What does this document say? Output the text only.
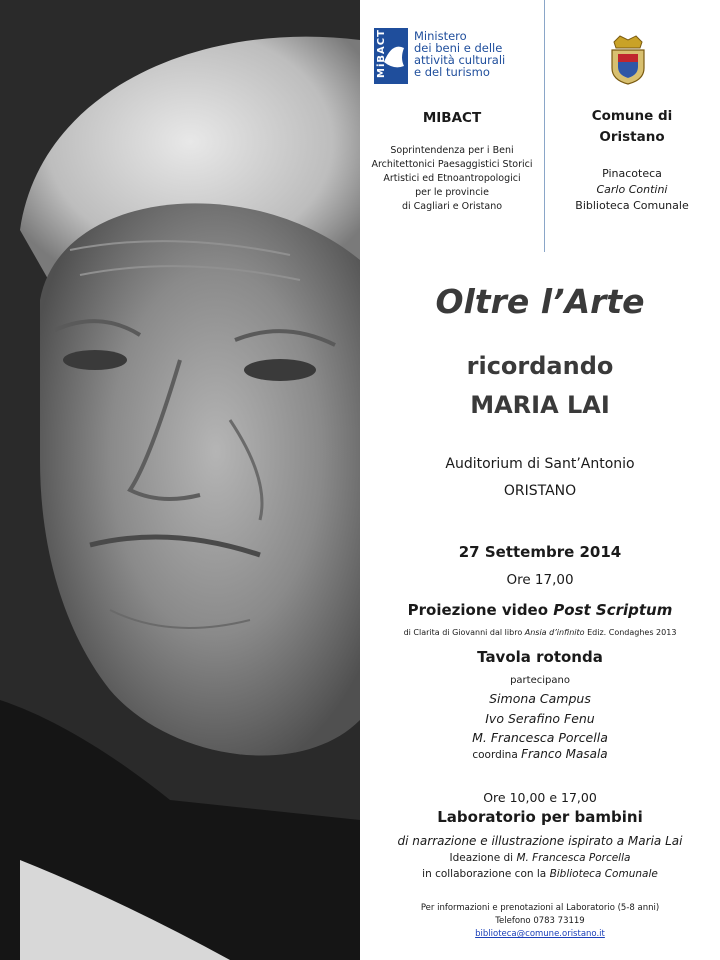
MiBACT Ministero
dei beni e delle
attività culturali
e del turismo
MIBACT
Soprintendenza per i Beni
Architettonici Paesaggistici Storici
Artistici ed Etnoantropologici
per le provincie
di Cagliari e Oristano
Comune di
Oristano
Pinacoteca
Carlo Contini
Biblioteca Comunale
Oltre l’Arte
ricordando
MARIA LAI
Auditorium di Sant’Antonio
ORISTANO
27 Settembre 2014
Ore 17,00
Proiezione video Post Scriptum
di Clarita di Giovanni dal libro Ansia d’infinito Ediz. Condaghes 2013
Tavola rotonda
partecipano
Simona Campus
Ivo Serafino Fenu
M. Francesca Porcella
coordina Franco Masala
Ore 10,00 e 17,00
Laboratorio per bambini
di narrazione e illustrazione ispirato a Maria Lai
Ideazione di M. Francesca Porcella
in collaborazione con la Biblioteca Comunale
Per informazioni e prenotazioni al Laboratorio (5-8 anni)
Telefono 0783 73119
biblioteca@comune.oristano.it
